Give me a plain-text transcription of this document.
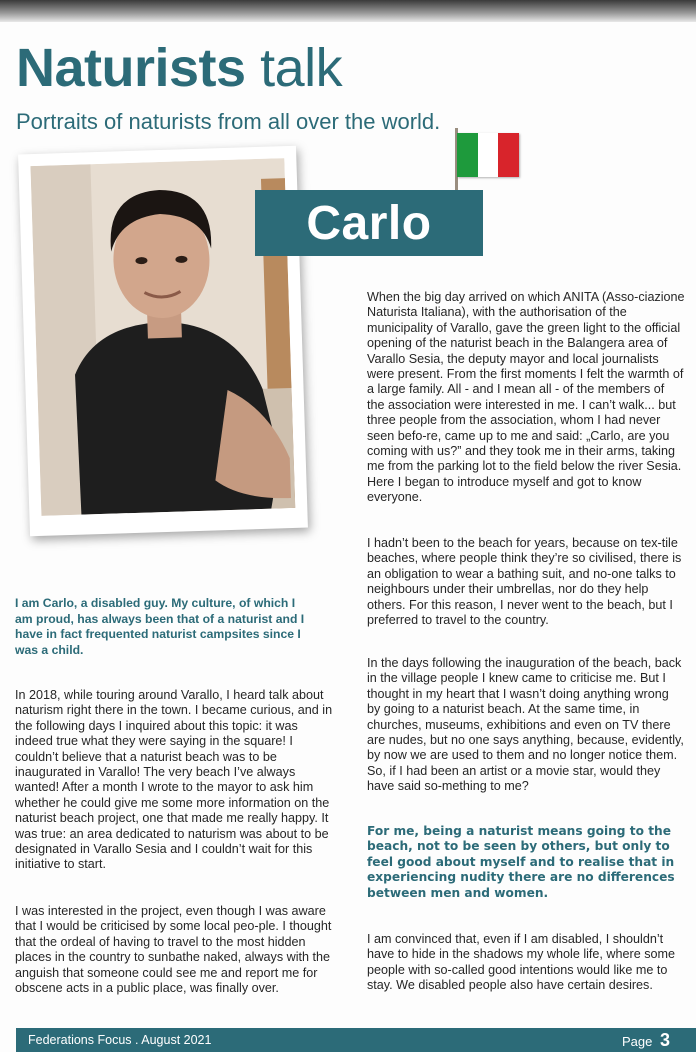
Naturists talk

Portraits of naturists from all over the world.

Carlo

I am Carlo, a disabled guy. My culture, of which I am proud, has always been that of a naturist and I have in fact frequented naturist campsites since I was a child.

In 2018, while touring around Varallo, I heard talk about naturism right there in the town. I became curious, and in the following days I inquired about this topic: it was indeed true what they were saying in the square! I couldn’t believe that a naturist beach was to be inaugurated in Varallo! The very beach I’ve always wanted! After a month I wrote to the mayor to ask him whether he could give me some more information on the naturist beach project, one that made me really happy. It was true: an area dedicated to naturism was about to be designated in Varallo Sesia and I couldn’t wait for this initiative to start.

I was interested in the project, even though I was aware that I would be criticised by some local peo-ple. I thought that the ordeal of having to travel to the most hidden places in the country to sunbathe naked, always with the anguish that someone could see me and report me for obscene acts in a public place, was finally over.

When the big day arrived on which ANITA (Asso-ciazione Naturista Italiana), with the authorisation of the municipality of Varallo, gave the green light to the official opening of the naturist beach in the Balangera area of Varallo Sesia, the deputy mayor and local journalists were present. From the first moments I felt the warmth of a large family. All - and I mean all - of the members of the association were interested in me. I can’t walk... but three people from the association, whom I had never seen befo-re, came up to me and said: „Carlo, are you coming with us?” and they took me in their arms, taking me from the parking lot to the field below the river Sesia. Here I began to introduce myself and got to know everyone.

I hadn’t been to the beach for years, because on tex-tile beaches, where people think they’re so civilised, there is an obligation to wear a bathing suit, and no-one talks to neighbours under their umbrellas, nor do they help others. For this reason, I never went to the beach, but I preferred to travel to the country.

In the days following the inauguration of the beach, back in the village people I knew came to criticise me. But I thought in my heart that I wasn’t doing anything wrong by going to a naturist beach. At the same time, in churches, museums, exhibitions and even on TV there are nudes, but no one says anything, because, evidently, by now we are used to them and no longer notice them. So, if I had been an artist or a movie star, would they have said so-mething to me?

For me, being a naturist means going to the beach, not to be seen by others, but only to feel good about myself and to realise that in experiencing nudity there are no differences between men and women.

I am convinced that, even if I am disabled, I shouldn’t have to hide in the shadows my whole life, where some people with so-called good intentions would like me to stay. We disabled people also have certain desires.

Federations Focus . August 2021	Page 3
